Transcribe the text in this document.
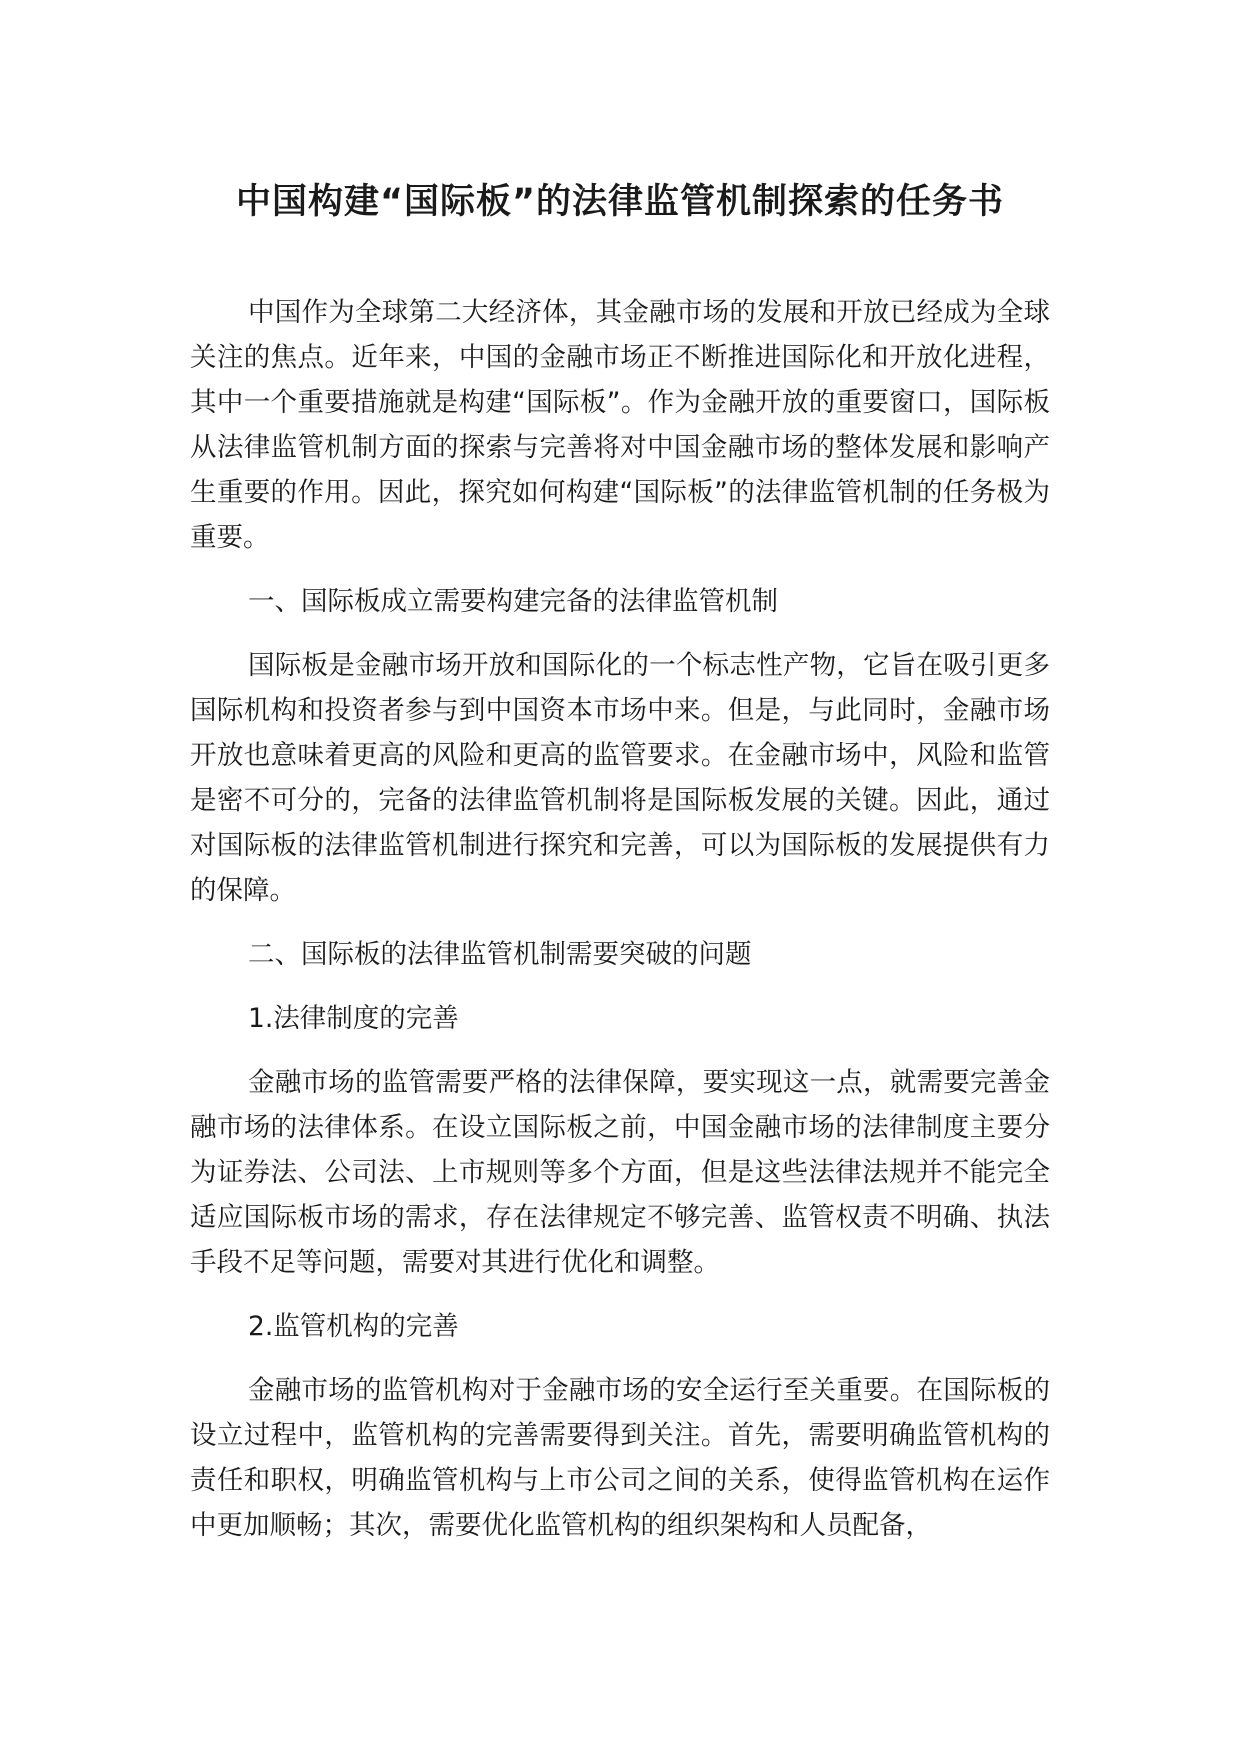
中国构建“国际板”的法律监管机制探索的任务书

中国作为全球第二大经济体，其金融市场的发展和开放已经成为全球关注的焦点。近年来，中国的金融市场正不断推进国际化和开放化进程，其中一个重要措施就是构建“国际板”。作为金融开放的重要窗口，国际板从法律监管机制方面的探索与完善将对中国金融市场的整体发展和影响产生重要的作用。因此，探究如何构建“国际板”的法律监管机制的任务极为重要。

一、国际板成立需要构建完备的法律监管机制

国际板是金融市场开放和国际化的一个标志性产物，它旨在吸引更多国际机构和投资者参与到中国资本市场中来。但是，与此同时，金融市场开放也意味着更高的风险和更高的监管要求。在金融市场中，风险和监管是密不可分的，完备的法律监管机制将是国际板发展的关键。因此，通过对国际板的法律监管机制进行探究和完善，可以为国际板的发展提供有力的保障。

二、国际板的法律监管机制需要突破的问题

1.法律制度的完善

金融市场的监管需要严格的法律保障，要实现这一点，就需要完善金融市场的法律体系。在设立国际板之前，中国金融市场的法律制度主要分为证券法、公司法、上市规则等多个方面，但是这些法律法规并不能完全适应国际板市场的需求，存在法律规定不够完善、监管权责不明确、执法手段不足等问题，需要对其进行优化和调整。

2.监管机构的完善

金融市场的监管机构对于金融市场的安全运行至关重要。在国际板的设立过程中，监管机构的完善需要得到关注。首先，需要明确监管机构的责任和职权，明确监管机构与上市公司之间的关系，使得监管机构在运作中更加顺畅；其次，需要优化监管机构的组织架构和人员配备，
